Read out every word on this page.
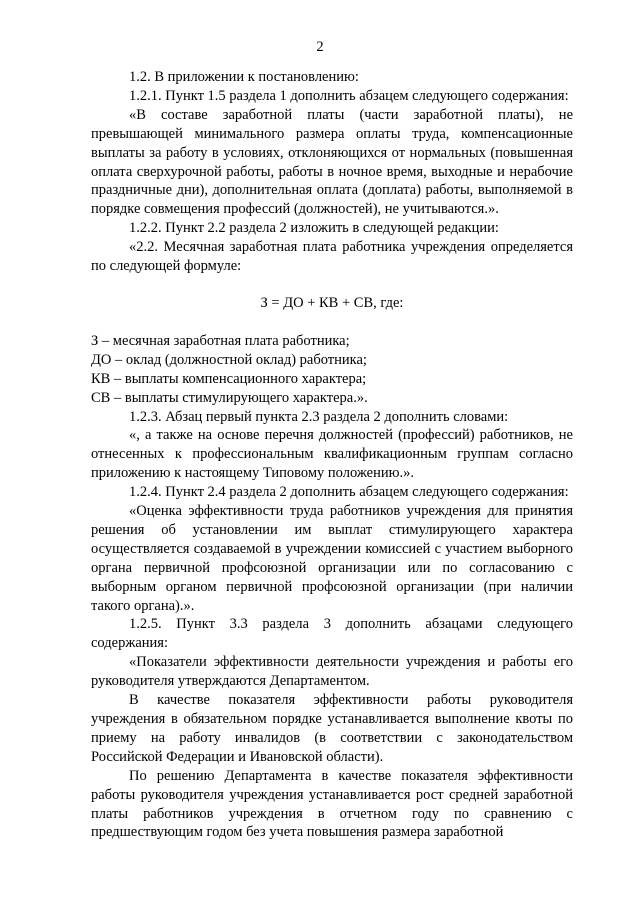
2

1.2. В приложении к постановлению:

1.2.1. Пункт 1.5 раздела 1 дополнить абзацем следующего содержания:

«В составе заработной платы (части заработной платы), не превышающей минимального размера оплаты труда, компенсационные выплаты за работу в условиях, отклоняющихся от нормальных (повышенная оплата сверхурочной работы, работы в ночное время, выходные и нерабочие праздничные дни), дополнительная оплата (доплата) работы, выполняемой в порядке совмещения профессий (должностей), не учитываются.».

1.2.2. Пункт 2.2 раздела 2 изложить в следующей редакции:

«2.2. Месячная заработная плата работника учреждения определяется по следующей формуле:

З = ДО + КВ + СВ, где:

З – месячная заработная плата работника;

ДО – оклад (должностной оклад) работника;

КВ – выплаты компенсационного характера;

СВ – выплаты стимулирующего характера.».

1.2.3. Абзац первый пункта 2.3 раздела 2 дополнить словами:

«, а также на основе перечня должностей (профессий) работников, не отнесенных к профессиональным квалификационным группам согласно приложению к настоящему Типовому положению.».

1.2.4. Пункт 2.4 раздела 2 дополнить абзацем следующего содержания:

«Оценка эффективности труда работников учреждения для принятия решения об установлении им выплат стимулирующего характера осуществляется создаваемой в учреждении комиссией с участием выборного органа первичной профсоюзной организации или по согласованию с выборным органом первичной профсоюзной организации (при наличии такого органа).».

1.2.5. Пункт 3.3 раздела 3 дополнить абзацами следующего содержания:

«Показатели эффективности деятельности учреждения и работы его руководителя утверждаются Департаментом.

В качестве показателя эффективности работы руководителя учреждения в обязательном порядке устанавливается выполнение квоты по приему на работу инвалидов (в соответствии с законодательством Российской Федерации и Ивановской области).

По решению Департамента в качестве показателя эффективности работы руководителя учреждения устанавливается рост средней заработной платы работников учреждения в отчетном году по сравнению с предшествующим годом без учета повышения размера заработной
